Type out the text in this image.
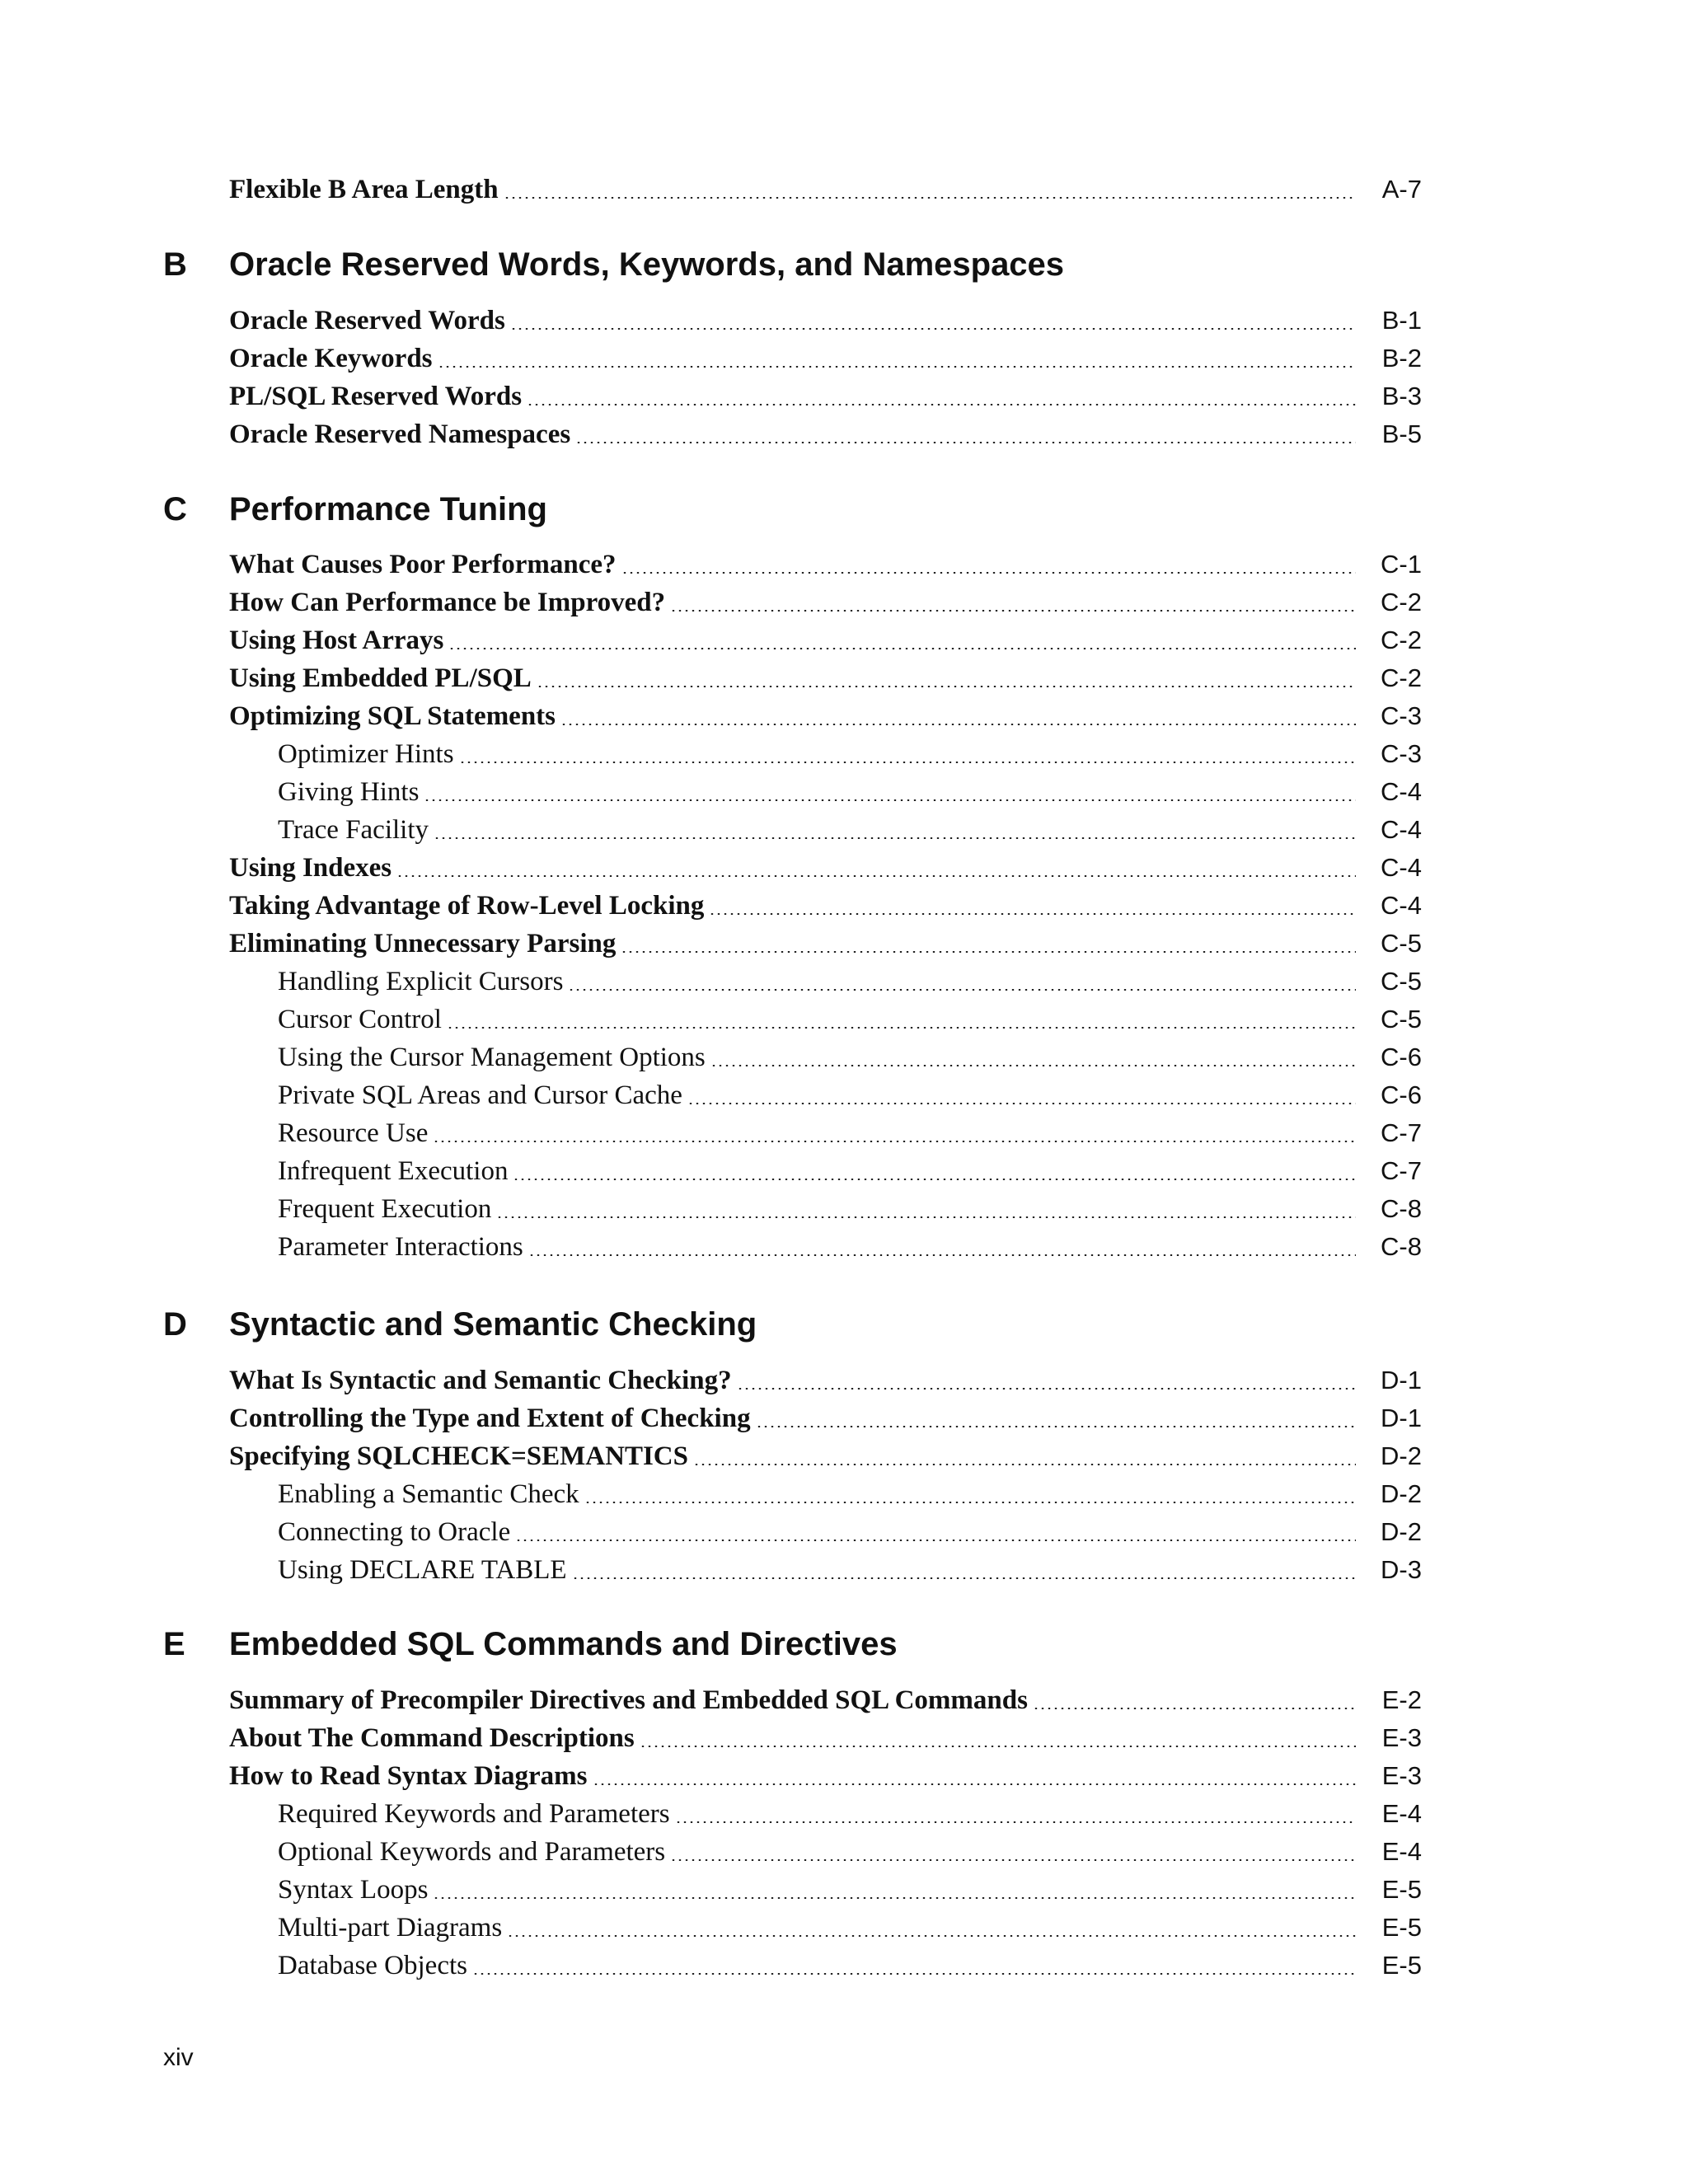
Flexible B Area Length	A-7
B Oracle Reserved Words, Keywords, and Namespaces
Oracle Reserved Words	B-1
Oracle Keywords	B-2
PL/SQL Reserved Words	B-3
Oracle Reserved Namespaces	B-5
C Performance Tuning
What Causes Poor Performance?	C-1
How Can Performance be Improved?	C-2
Using Host Arrays	C-2
Using Embedded PL/SQL	C-2
Optimizing SQL Statements	C-3
Optimizer Hints	C-3
Giving Hints	C-4
Trace Facility	C-4
Using Indexes	C-4
Taking Advantage of Row-Level Locking	C-4
Eliminating Unnecessary Parsing	C-5
Handling Explicit Cursors	C-5
Cursor Control	C-5
Using the Cursor Management Options	C-6
Private SQL Areas and Cursor Cache	C-6
Resource Use	C-7
Infrequent Execution	C-7
Frequent Execution	C-8
Parameter Interactions	C-8
D Syntactic and Semantic Checking
What Is Syntactic and Semantic Checking?	D-1
Controlling the Type and Extent of Checking	D-1
Specifying SQLCHECK=SEMANTICS	D-2
Enabling a Semantic Check	D-2
Connecting to Oracle	D-2
Using DECLARE TABLE	D-3
E Embedded SQL Commands and Directives
Summary of Precompiler Directives and Embedded SQL Commands	E-2
About The Command Descriptions	E-3
How to Read Syntax Diagrams	E-3
Required Keywords and Parameters	E-4
Optional Keywords and Parameters	E-4
Syntax Loops	E-5
Multi-part Diagrams	E-5
Database Objects	E-5
xiv
